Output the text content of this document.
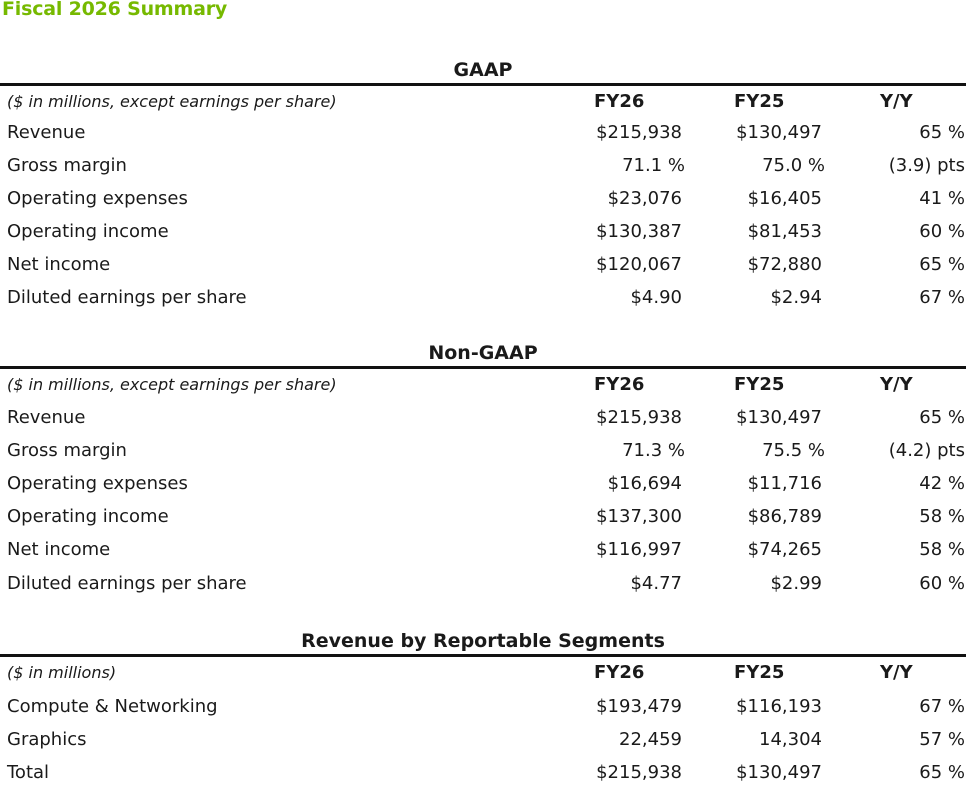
Fiscal 2026 Summary
GAAP
($ in millions, except earnings per share)	FY26	FY25	Y/Y
Revenue	$215,938	$130,497	65 %
Gross margin	71.1 %	75.0 %	(3.9) pts
Operating expenses	$23,076	$16,405	41 %
Operating income	$130,387	$81,453	60 %
Net income	$120,067	$72,880	65 %
Diluted earnings per share	$4.90	$2.94	67 %
Non-GAAP
($ in millions, except earnings per share)	FY26	FY25	Y/Y
Revenue	$215,938	$130,497	65 %
Gross margin	71.3 %	75.5 %	(4.2) pts
Operating expenses	$16,694	$11,716	42 %
Operating income	$137,300	$86,789	58 %
Net income	$116,997	$74,265	58 %
Diluted earnings per share	$4.77	$2.99	60 %
Revenue by Reportable Segments
($ in millions)	FY26	FY25	Y/Y
Compute & Networking	$193,479	$116,193	67 %
Graphics	22,459	14,304	57 %
Total	$215,938	$130,497	65 %
